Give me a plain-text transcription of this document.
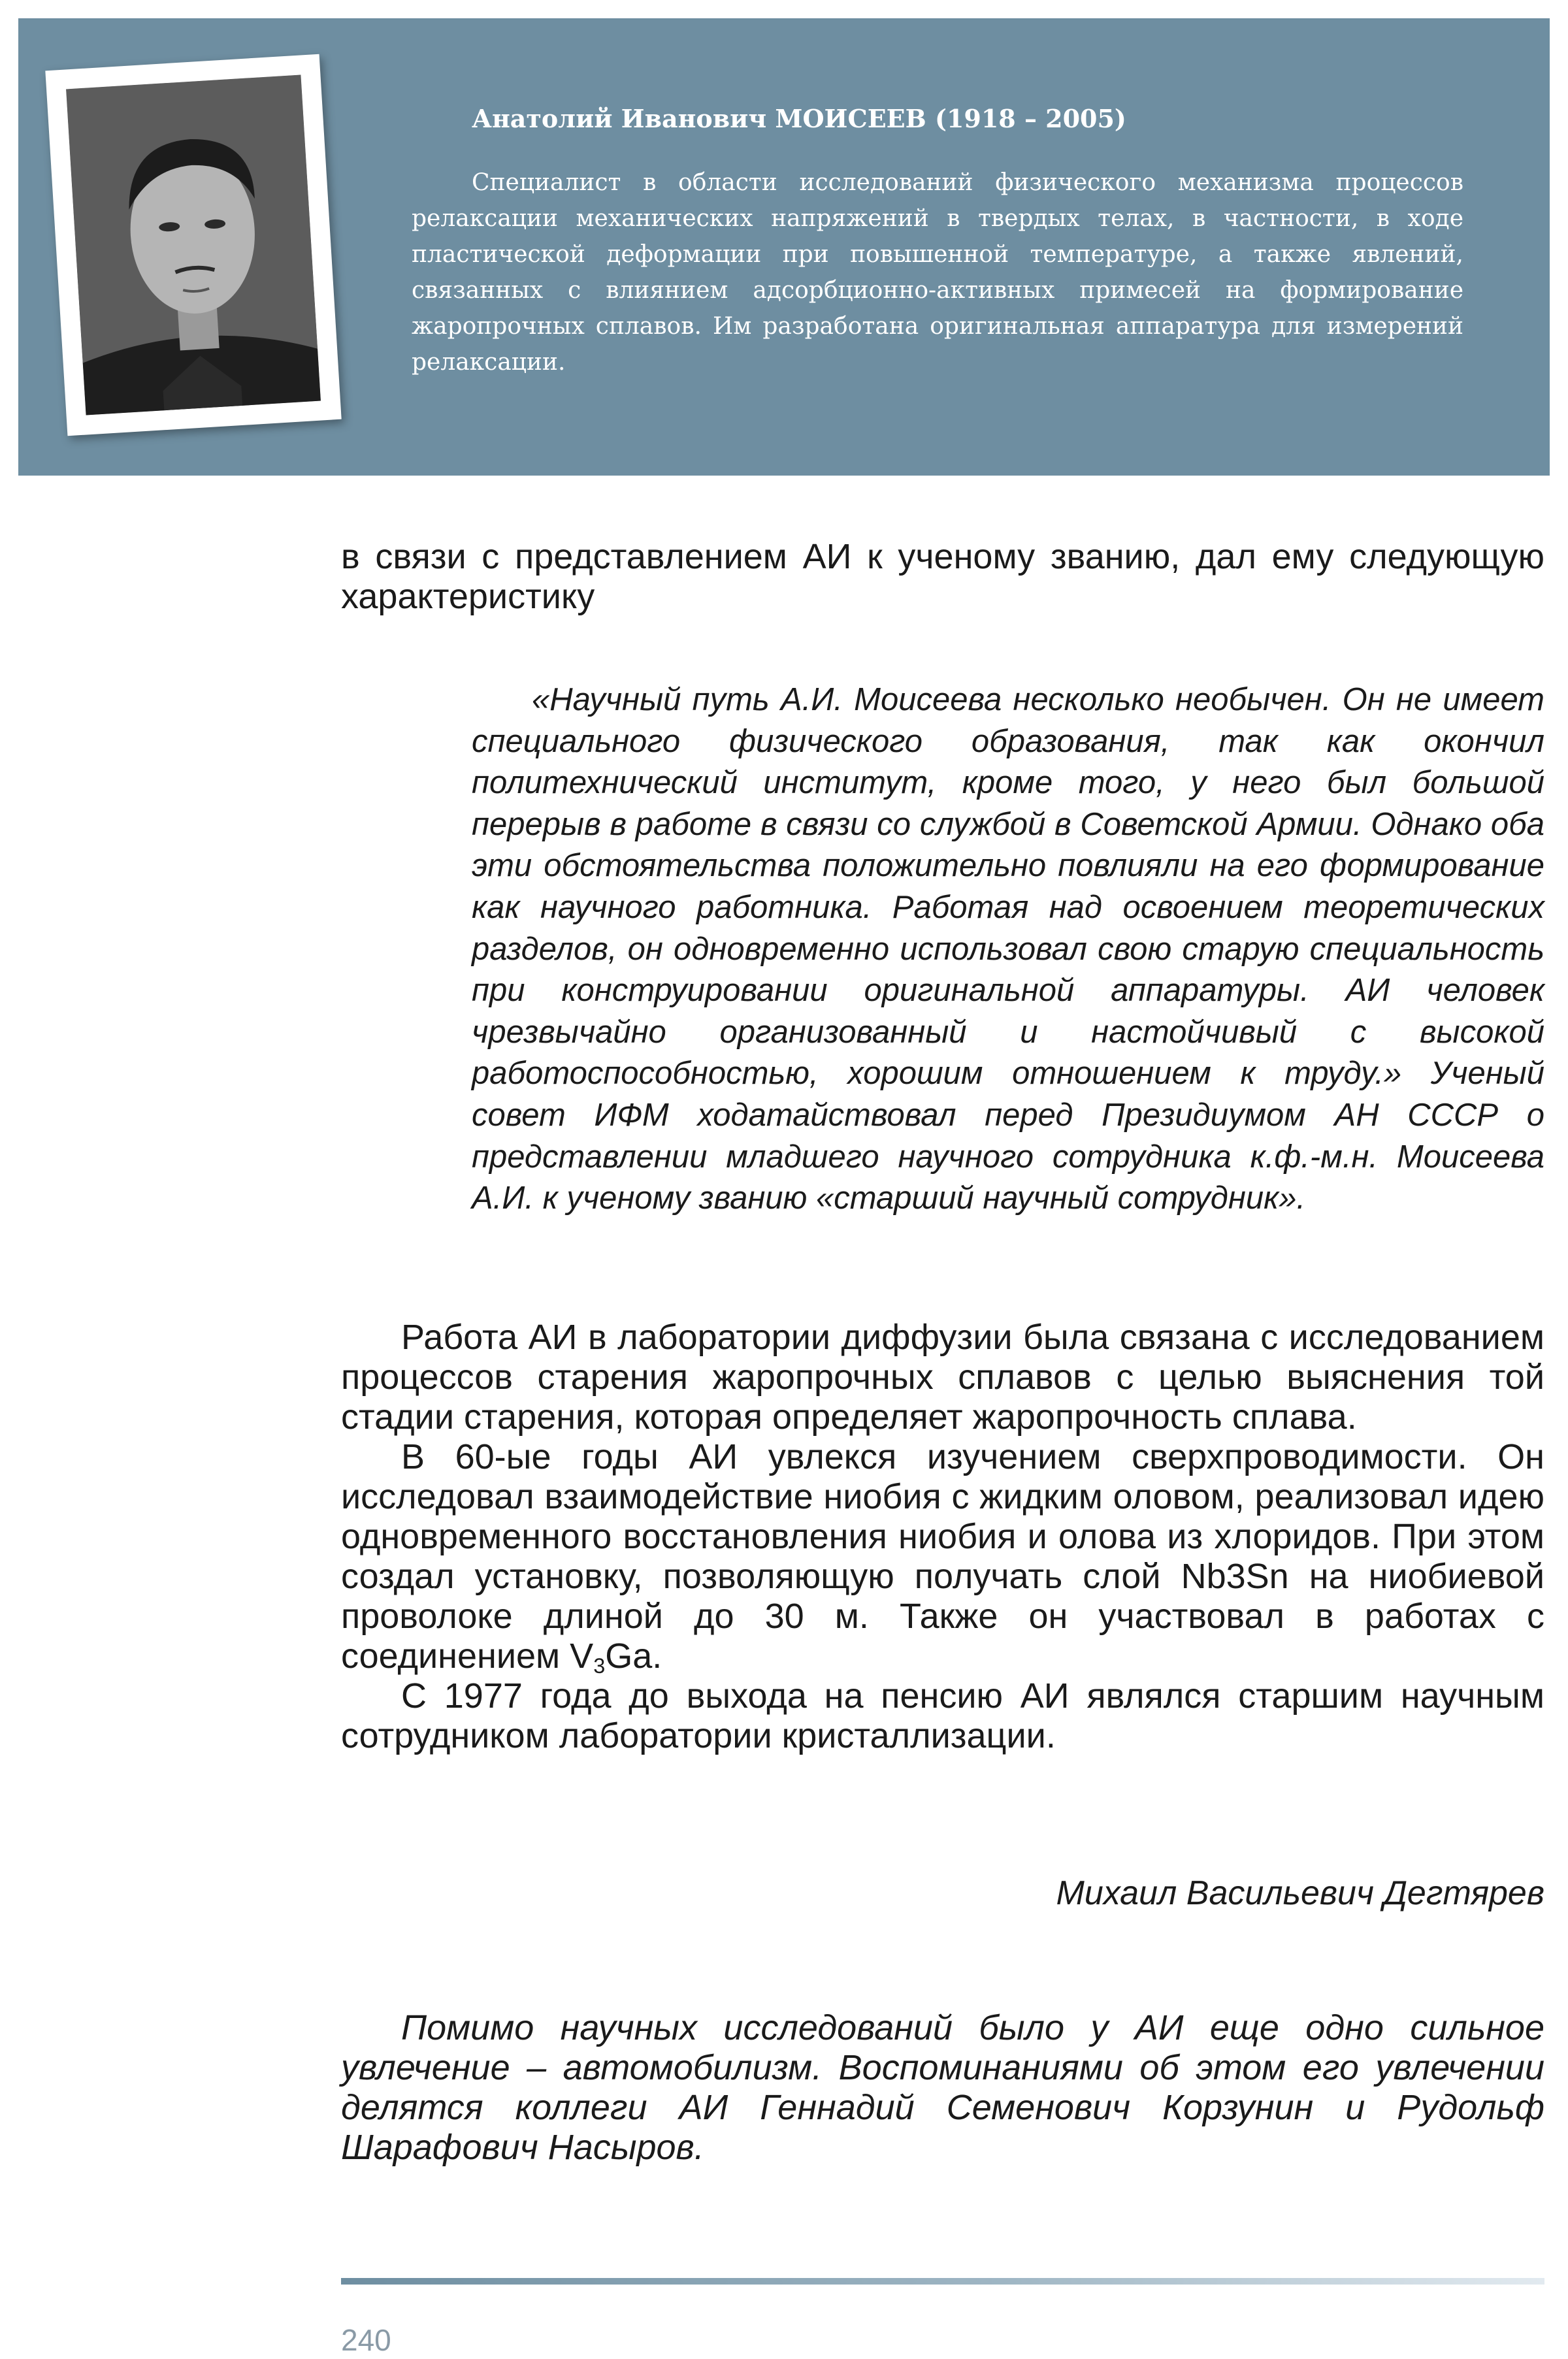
Анатолий Иванович МОИСЕЕВ (1918 – 2005)

Специалист в области исследований физического механизма процессов релаксации механических напряжений в твердых телах, в частности, в ходе пластической деформации при повышенной температуре, а также явлений, связанных с влиянием адсорбционно-активных примесей на формирование жаропрочных сплавов. Им разработана оригинальная аппаратура для измерений релаксации.

в связи с представлением АИ к ученому званию, дал ему следующую характеристику

«Научный путь А.И. Моисеева несколько необычен. Он не имеет специального физического образования, так как окончил политехнический институт, кроме того, у него был большой перерыв в работе в связи со службой в Советской Армии. Однако оба эти обстоятельства положительно повлияли на его формирование как научного работника. Работая над освоением теоретических разделов, он одновременно использовал свою старую специальность при конструировании оригинальной аппаратуры. АИ человек чрезвычайно организованный и настойчивый с высокой работоспособностью, хорошим отношением к труду.» Ученый совет ИФМ ходатайствовал перед Президиумом АН СССР о представлении младшего научного сотрудника к.ф.-м.н. Моисеева А.И. к ученому званию «старший научный сотрудник».

Работа АИ в лаборатории диффузии была связана с исследованием процессов старения жаропрочных сплавов с целью выяснения той стадии старения, которая определяет жаропрочность сплава.

В 60-ые годы АИ увлекся изучением сверхпроводимости. Он исследовал взаимодействие ниобия с жидким оловом, реализовал идею одновременного восстановления ниобия и олова из хлоридов. При этом создал установку, позволяющую получать слой Nb3Sn на ниобиевой проволоке длиной до 30 м. Также он участвовал в работах с соединением $V_3Ga$.

С 1977 года до выхода на пенсию АИ являлся старшим научным сотрудником лаборатории кристаллизации.

Михаил Васильевич Дегтярев

Помимо научных исследований было у АИ еще одно сильное увлечение – автомобилизм. Воспоминаниями об этом его увлечении делятся коллеги АИ Геннадий Семенович Корзунин и Рудольф Шарафович Насыров.

240
